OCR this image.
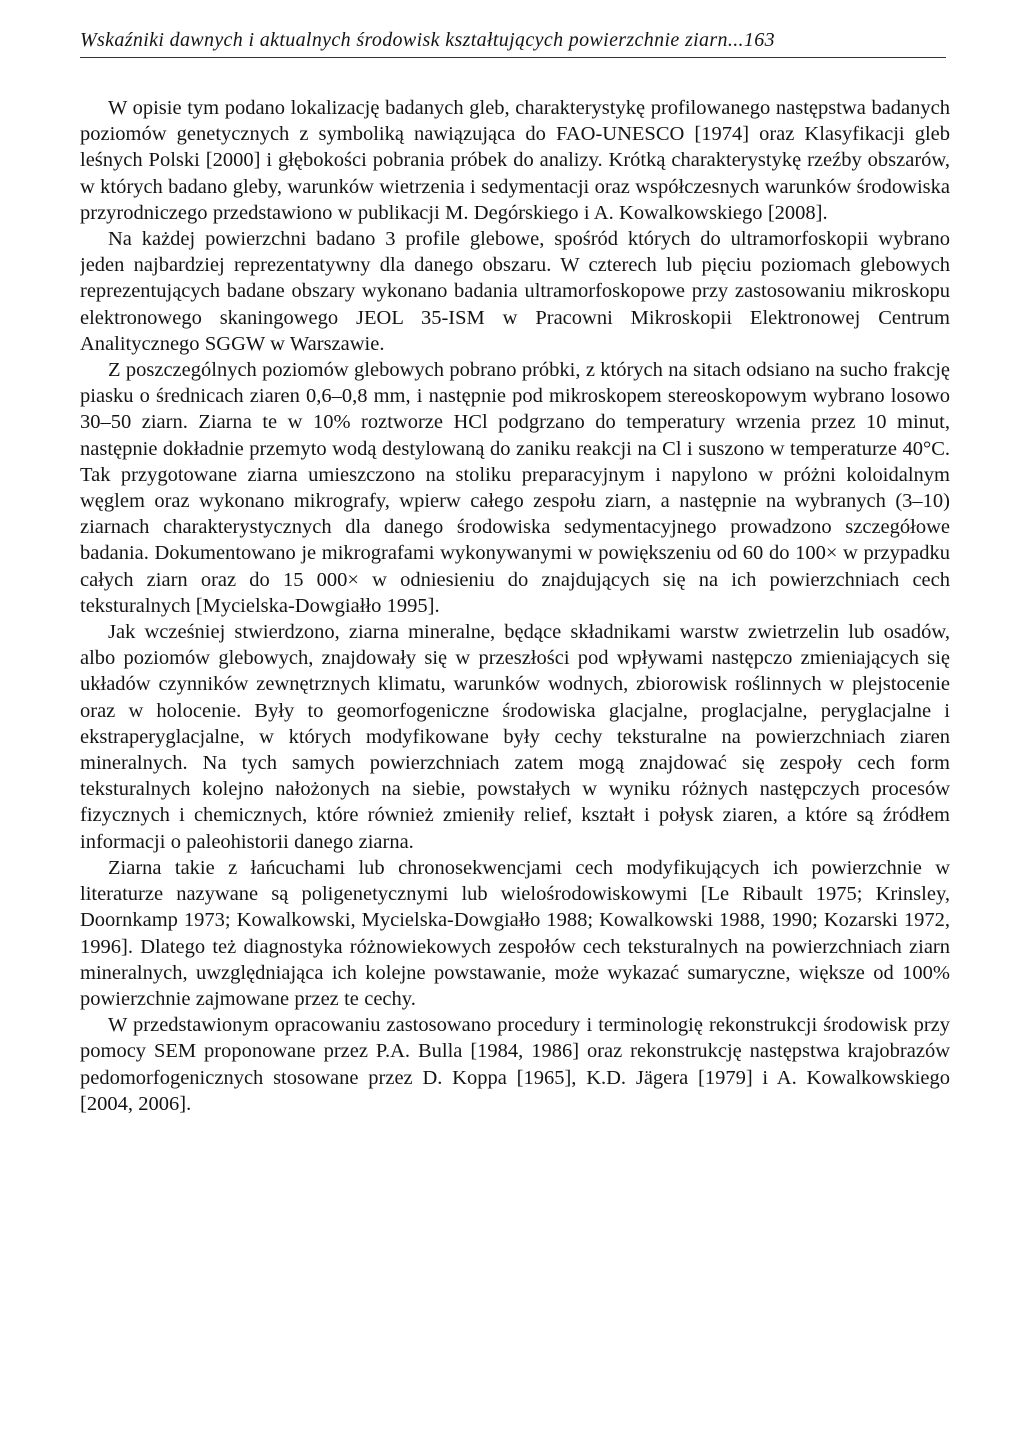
Wskaźniki dawnych i aktualnych środowisk kształtujących powierzchnie ziarn...163

W opisie tym podano lokalizację badanych gleb, charakterystykę profilowanego następstwa badanych poziomów genetycznych z symboliką nawiązująca do FAO-UNESCO [1974] oraz Klasyfikacji gleb leśnych Polski [2000] i głębokości pobrania próbek do analizy. Krótką charakterystykę rzeźby obszarów, w których badano gleby, warunków wietrzenia i sedymentacji oraz współczesnych warunków środowiska przyrodniczego przedstawiono w publikacji M. Degórskiego i A. Kowalkowskiego [2008].

Na każdej powierzchni badano 3 profile glebowe, spośród których do ultramorfoskopii wybrano jeden najbardziej reprezentatywny dla danego obszaru. W czterech lub pięciu poziomach glebowych reprezentujących badane obszary wykonano badania ultramorfoskopowe przy zastosowaniu mikroskopu elektronowego skaningowego JEOL 35-ISM w Pracowni Mikroskopii Elektronowej Centrum Analitycznego SGGW w Warszawie.

Z poszczególnych poziomów glebowych pobrano próbki, z których na sitach odsiano na sucho frakcję piasku o średnicach ziaren 0,6–0,8 mm, i następnie pod mikroskopem stereoskopowym wybrano losowo 30–50 ziarn. Ziarna te w 10% roztworze HCl podgrzano do temperatury wrzenia przez 10 minut, następnie dokładnie przemyto wodą destylowaną do zaniku reakcji na Cl i suszono w temperaturze 40°C. Tak przygotowane ziarna umieszczono na stoliku preparacyjnym i napylono w próżni koloidalnym węglem oraz wykonano mikrografy, wpierw całego zespołu ziarn, a następnie na wybranych (3–10) ziarnach charakterystycznych dla danego środowiska sedymentacyjnego prowadzono szczegółowe badania. Dokumentowano je mikrografami wykonywanymi w powiększeniu od 60 do 100× w przypadku całych ziarn oraz do 15 000× w odniesieniu do znajdujących się na ich powierzchniach cech teksturalnych [Mycielska-Dowgiałło 1995].

Jak wcześniej stwierdzono, ziarna mineralne, będące składnikami warstw zwietrzelin lub osadów, albo poziomów glebowych, znajdowały się w przeszłości pod wpływami następczo zmieniających się układów czynników zewnętrznych klimatu, warunków wodnych, zbiorowisk roślinnych w plejstocenie oraz w holocenie. Były to geomorfogeniczne środowiska glacjalne, proglacjalne, peryglacjalne i ekstraperyglacjalne, w których modyfikowane były cechy teksturalne na powierzchniach ziaren mineralnych. Na tych samych powierzchniach zatem mogą znajdować się zespoły cech form teksturalnych kolejno nałożonych na siebie, powstałych w wyniku różnych następczych procesów fizycznych i chemicznych, które również zmieniły relief, kształt i połysk ziaren, a które są źródłem informacji o paleohistorii danego ziarna.

Ziarna takie z łańcuchami lub chronosekwencjami cech modyfikujących ich powierzchnie w literaturze nazywane są poligenetycznymi lub wielośrodowiskowymi [Le Ribault 1975; Krinsley, Doornkamp 1973; Kowalkowski, Mycielska-Dowgiałło 1988; Kowalkowski 1988, 1990; Kozarski 1972, 1996]. Dlatego też diagnostyka różnowiekowych zespołów cech teksturalnych na powierzchniach ziarn mineralnych, uwzględniająca ich kolejne powstawanie, może wykazać sumaryczne, większe od 100% powierzchnie zajmowane przez te cechy.

W przedstawionym opracowaniu zastosowano procedury i terminologię rekonstrukcji środowisk przy pomocy SEM proponowane przez P.A. Bulla [1984, 1986] oraz rekonstrukcję następstwa krajobrazów pedomorfogenicznych stosowane przez D. Koppa [1965], K.D. Jägera [1979] i A. Kowalkowskiego [2004, 2006].
